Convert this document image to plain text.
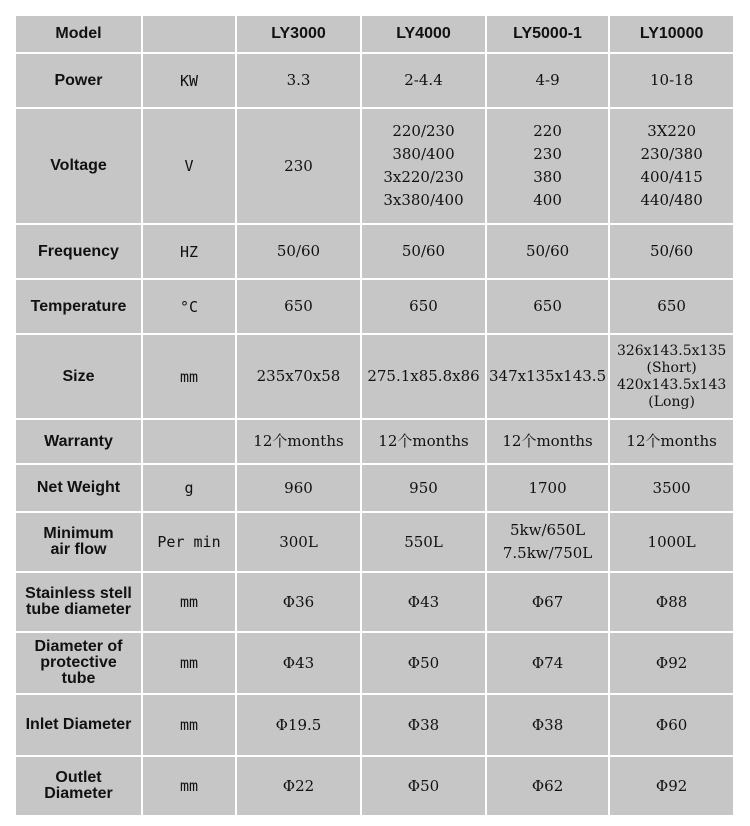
Model		LY3000	LY4000	LY5000-1	LY10000
Power	KW	3.3	2-4.4	4-9	10-18
Voltage	V	230	220/230
380/400
3x220/230
3x380/400	220
230
380
400	3X220
230/380
400/415
440/480
Frequency	HZ	50/60	50/60	50/60	50/60
Temperature	°C	650	650	650	650
Size	mm	235x70x58	275.1x85.8x86	347x135x143.5	326x143.5x135
(Short)
420x143.5x143
(Long)
Warranty		12个months	12个months	12个months	12个months
Net Weight	g	960	950	1700	3500
Minimum
air flow	Per min	300L	550L	5kw/650L
7.5kw/750L	1000L
Stainless stell
tube diameter	mm	Φ36	Φ43	Φ67	Φ88
Diameter of
protective
tube	mm	Φ43	Φ50	Φ74	Φ92
Inlet Diameter	mm	Φ19.5	Φ38	Φ38	Φ60
Outlet
Diameter	mm	Φ22	Φ50	Φ62	Φ92
